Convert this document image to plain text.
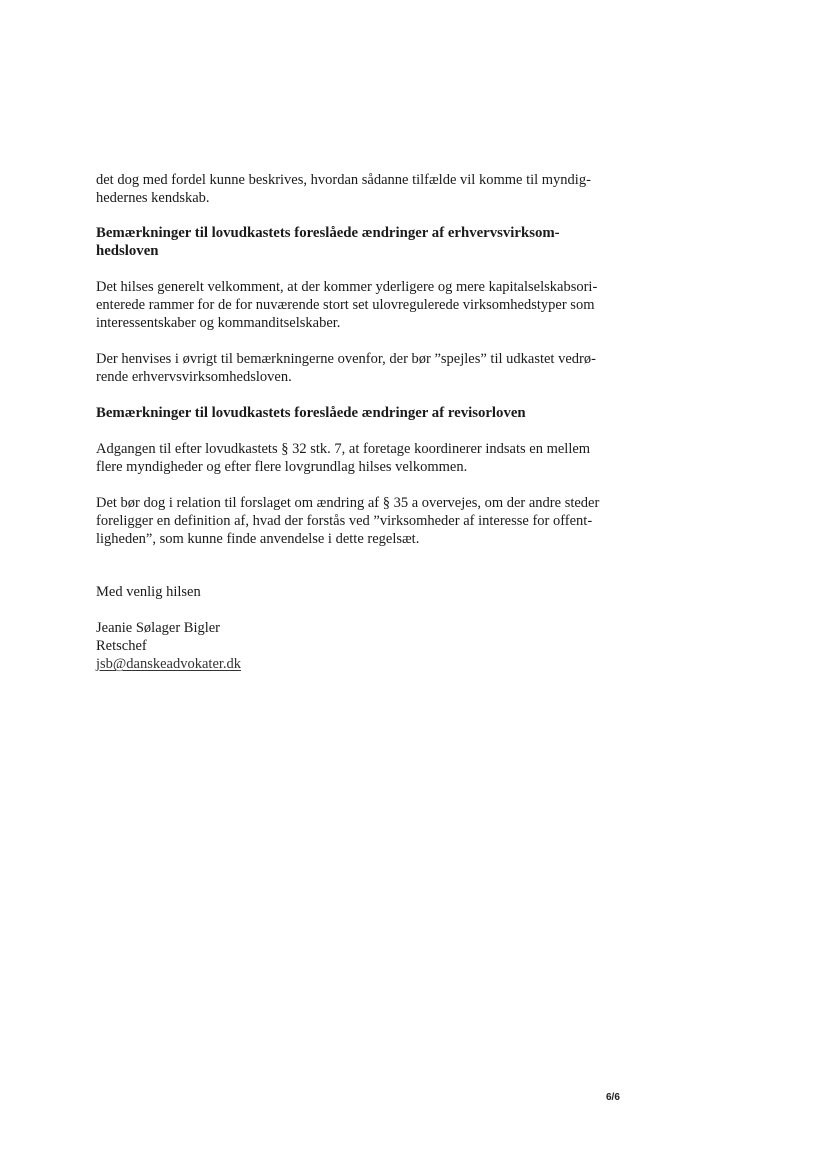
det dog med fordel kunne beskrives, hvordan sådanne tilfælde vil komme til myndig-
hedernes kendskab.
Bemærkninger til lovudkastets foreslåede ændringer af erhvervsvirksom-
hedsloven
Det hilses generelt velkomment, at der kommer yderligere og mere kapitalselskabsori-
enterede rammer for de for nuværende stort set ulovregulerede virksomhedstyper som
interessentskaber og kommanditselskaber.
Der henvises i øvrigt til bemærkningerne ovenfor, der bør ”spejles” til udkastet vedrø-
rende erhvervsvirksomhedsloven.
Bemærkninger til lovudkastets foreslåede ændringer af revisorloven
Adgangen til efter lovudkastets § 32 stk. 7, at foretage koordinerer indsats en mellem
flere myndigheder og efter flere lovgrundlag hilses velkommen.
Det bør dog i relation til forslaget om ændring af § 35 a overvejes, om der andre steder
foreligger en definition af, hvad der forstås ved ”virksomheder af interesse for offent-
ligheden”, som kunne finde anvendelse i dette regelsæt.
Med venlig hilsen
Jeanie Sølager Bigler
Retschef
jsb@danskeadvokater.dk
6/6
